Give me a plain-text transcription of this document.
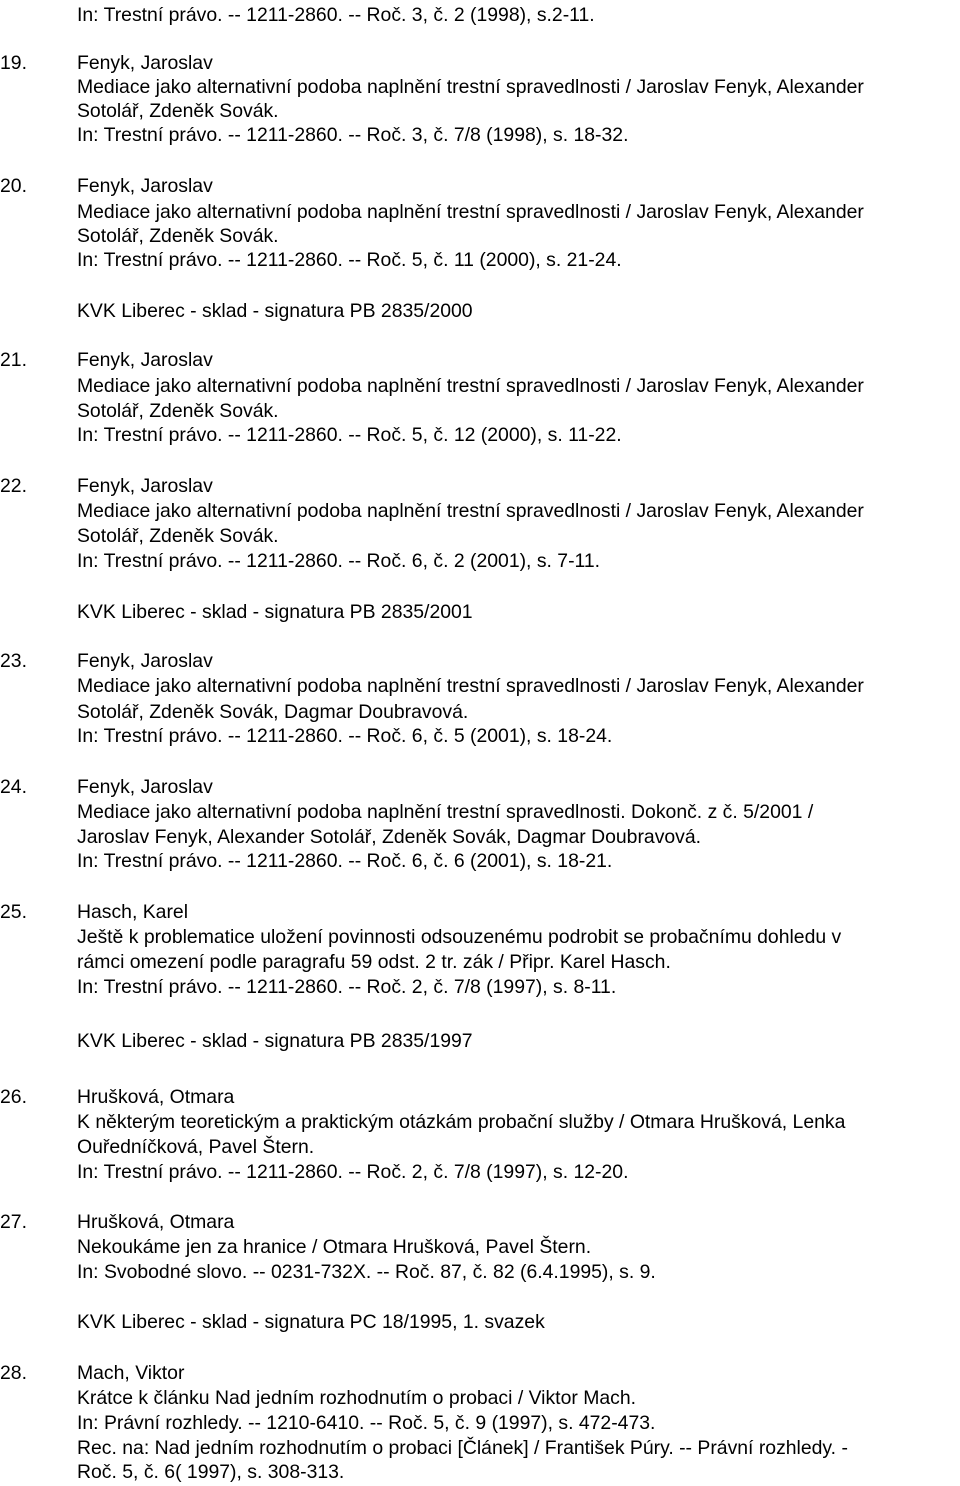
In: Trestní právo. -- 1211-2860. -- Roč. 3, č. 2 (1998), s.2-11.
19.	Fenyk, Jaroslav
Mediace jako alternativní podoba naplnění trestní spravedlnosti / Jaroslav Fenyk, Alexander
Sotolář, Zdeněk Sovák.
In: Trestní právo. -- 1211-2860. -- Roč. 3, č. 7/8 (1998), s. 18-32.
20.	Fenyk, Jaroslav
Mediace jako alternativní podoba naplnění trestní spravedlnosti / Jaroslav Fenyk, Alexander
Sotolář, Zdeněk Sovák.
In: Trestní právo. -- 1211-2860. -- Roč. 5, č. 11 (2000), s. 21-24.
KVK Liberec - sklad - signatura PB 2835/2000
21.	Fenyk, Jaroslav
Mediace jako alternativní podoba naplnění trestní spravedlnosti / Jaroslav Fenyk, Alexander
Sotolář, Zdeněk Sovák.
In: Trestní právo. -- 1211-2860. -- Roč. 5, č. 12 (2000), s. 11-22.
22.	Fenyk, Jaroslav
Mediace jako alternativní podoba naplnění trestní spravedlnosti / Jaroslav Fenyk, Alexander
Sotolář, Zdeněk Sovák.
In: Trestní právo. -- 1211-2860. -- Roč. 6, č. 2 (2001), s. 7-11.
KVK Liberec - sklad - signatura PB 2835/2001
23.	Fenyk, Jaroslav
Mediace jako alternativní podoba naplnění trestní spravedlnosti / Jaroslav Fenyk, Alexander
Sotolář, Zdeněk Sovák, Dagmar Doubravová.
In: Trestní právo. -- 1211-2860. -- Roč. 6, č. 5 (2001), s. 18-24.
24.	Fenyk, Jaroslav
Mediace jako alternativní podoba naplnění trestní spravedlnosti. Dokonč. z č. 5/2001 /
Jaroslav Fenyk, Alexander Sotolář, Zdeněk Sovák, Dagmar Doubravová.
In: Trestní právo. -- 1211-2860. -- Roč. 6, č. 6 (2001), s. 18-21.
25.	Hasch, Karel
Ještě k problematice uložení povinnosti odsouzenému podrobit se probačnímu dohledu v
rámci omezení podle paragrafu 59 odst. 2 tr. zák / Připr. Karel Hasch.
In: Trestní právo. -- 1211-2860. -- Roč. 2, č. 7/8 (1997), s. 8-11.
KVK Liberec - sklad - signatura PB 2835/1997
26.	Hrušková, Otmara
K některým teoretickým a praktickým otázkám probační služby / Otmara Hrušková, Lenka
Ouředníčková, Pavel Štern.
In: Trestní právo. -- 1211-2860. -- Roč. 2, č. 7/8 (1997), s. 12-20.
27.	Hrušková, Otmara
Nekoukáme jen za hranice / Otmara Hrušková, Pavel Štern.
In: Svobodné slovo. -- 0231-732X. -- Roč. 87, č. 82 (6.4.1995), s. 9.
KVK Liberec - sklad - signatura PC 18/1995, 1. svazek
28.	Mach, Viktor
Krátce k článku Nad jedním rozhodnutím o probaci / Viktor Mach.
In: Právní rozhledy. -- 1210-6410. -- Roč. 5, č. 9 (1997), s. 472-473.
Rec. na: Nad jedním rozhodnutím o probaci [Článek] / František Púry. -- Právní rozhledy. -
Roč. 5, č. 6( 1997), s. 308-313.
